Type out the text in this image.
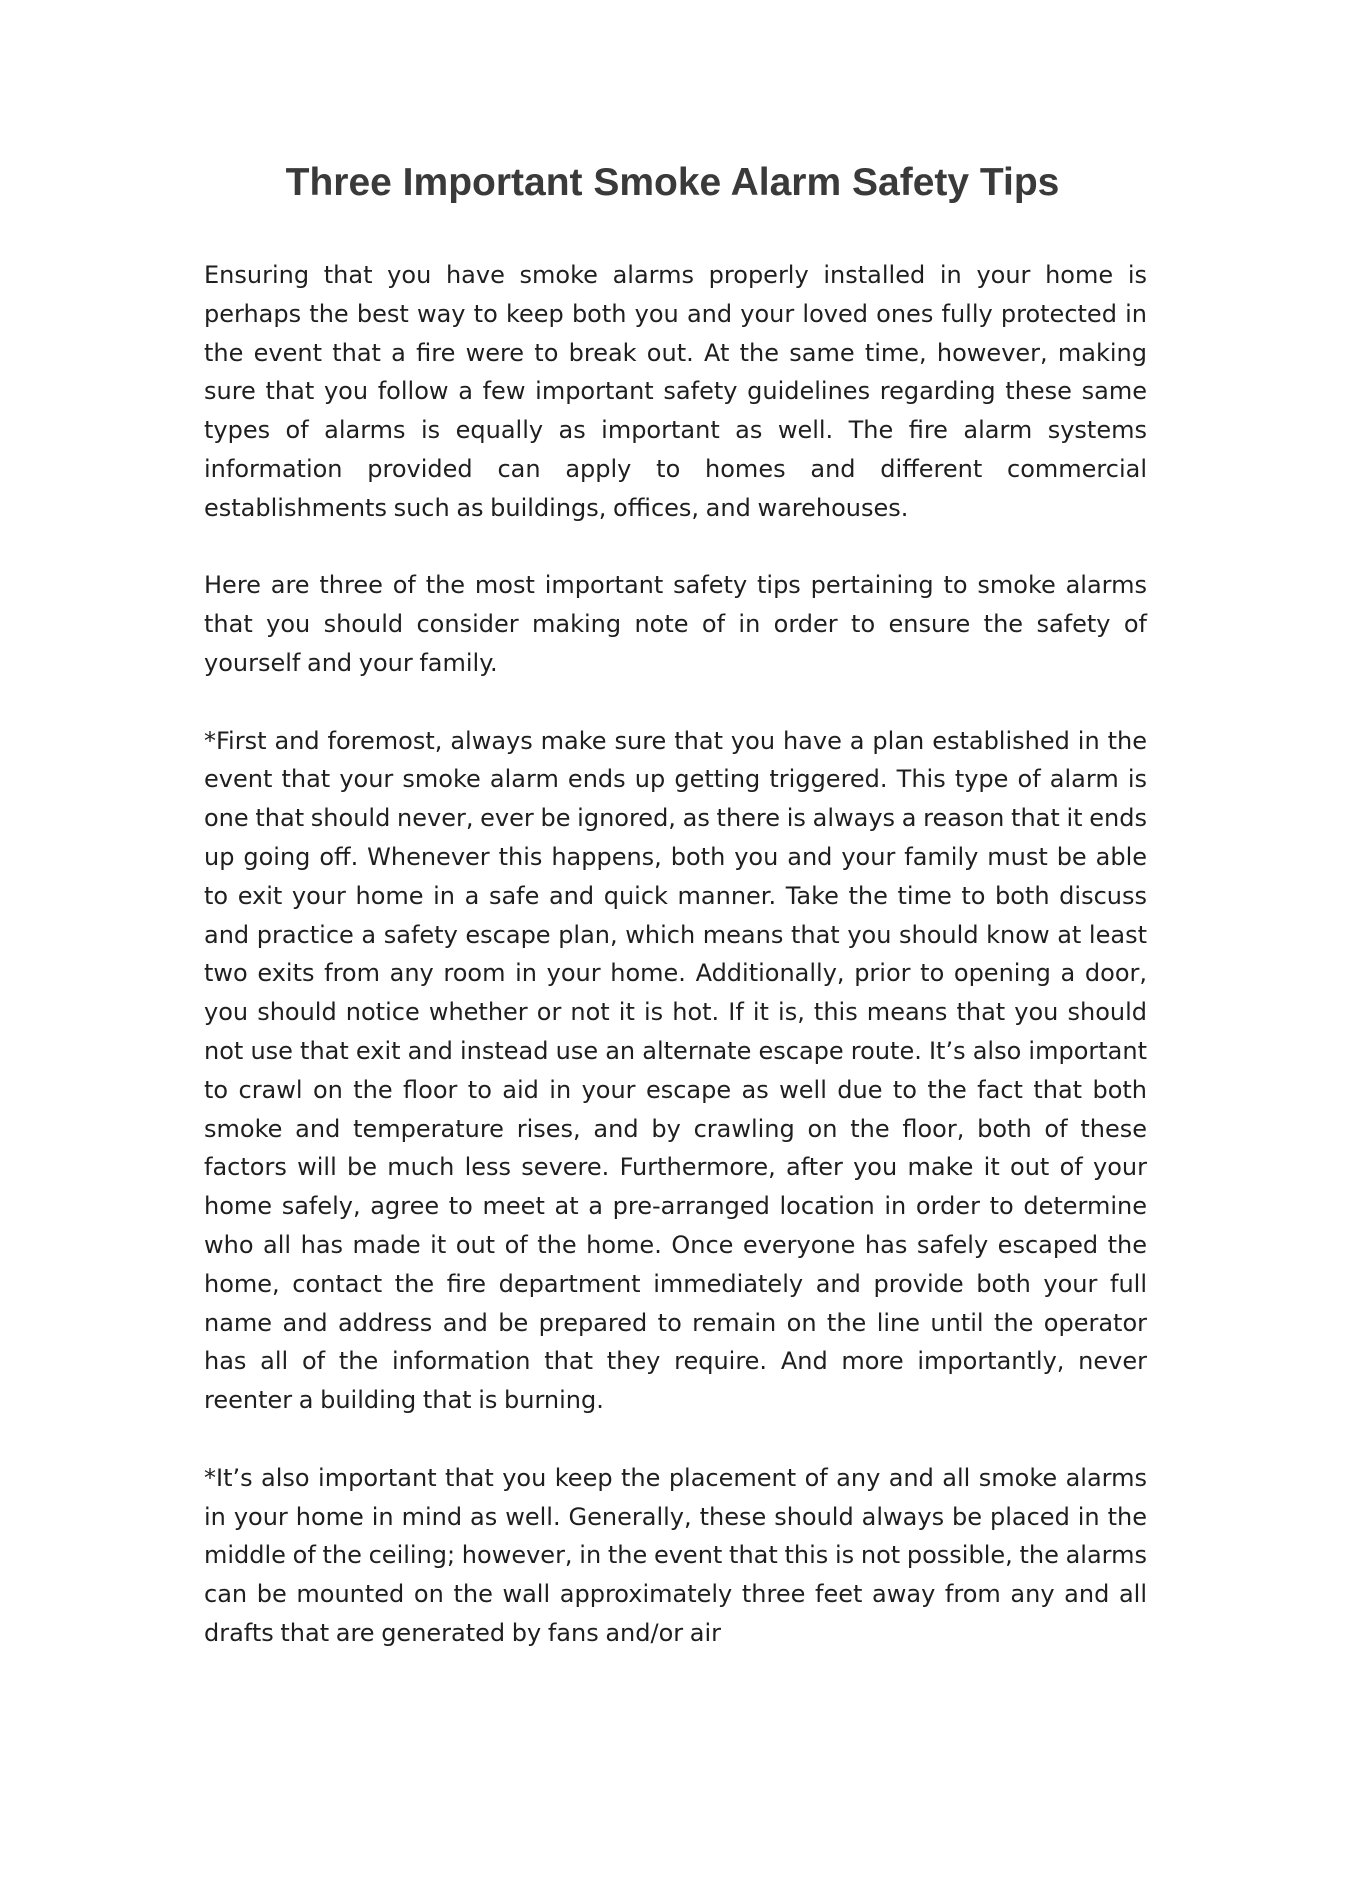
Three Important Smoke Alarm Safety Tips

Ensuring that you have smoke alarms properly installed in your home is perhaps the best way to keep both you and your loved ones fully protected in the event that a fire were to break out. At the same time, however, making sure that you follow a few important safety guidelines regarding these same types of alarms is equally as important as well. The fire alarm systems information provided can apply to homes and different commercial establishments such as buildings, offices, and warehouses.

Here are three of the most important safety tips pertaining to smoke alarms that you should consider making note of in order to ensure the safety of yourself and your family.

*First and foremost, always make sure that you have a plan established in the event that your smoke alarm ends up getting triggered. This type of alarm is one that should never, ever be ignored, as there is always a reason that it ends up going off. Whenever this happens, both you and your family must be able to exit your home in a safe and quick manner. Take the time to both discuss and practice a safety escape plan, which means that you should know at least two exits from any room in your home. Additionally, prior to opening a door, you should notice whether or not it is hot. If it is, this means that you should not use that exit and instead use an alternate escape route. It’s also important to crawl on the floor to aid in your escape as well due to the fact that both smoke and temperature rises, and by crawling on the floor, both of these factors will be much less severe. Furthermore, after you make it out of your home safely, agree to meet at a pre-arranged location in order to determine who all has made it out of the home. Once everyone has safely escaped the home, contact the fire department immediately and provide both your full name and address and be prepared to remain on the line until the operator has all of the information that they require. And more importantly, never reenter a building that is burning.

*It’s also important that you keep the placement of any and all smoke alarms in your home in mind as well. Generally, these should always be placed in the middle of the ceiling; however, in the event that this is not possible, the alarms can be mounted on the wall approximately three feet away from any and all drafts that are generated by fans and/or air
